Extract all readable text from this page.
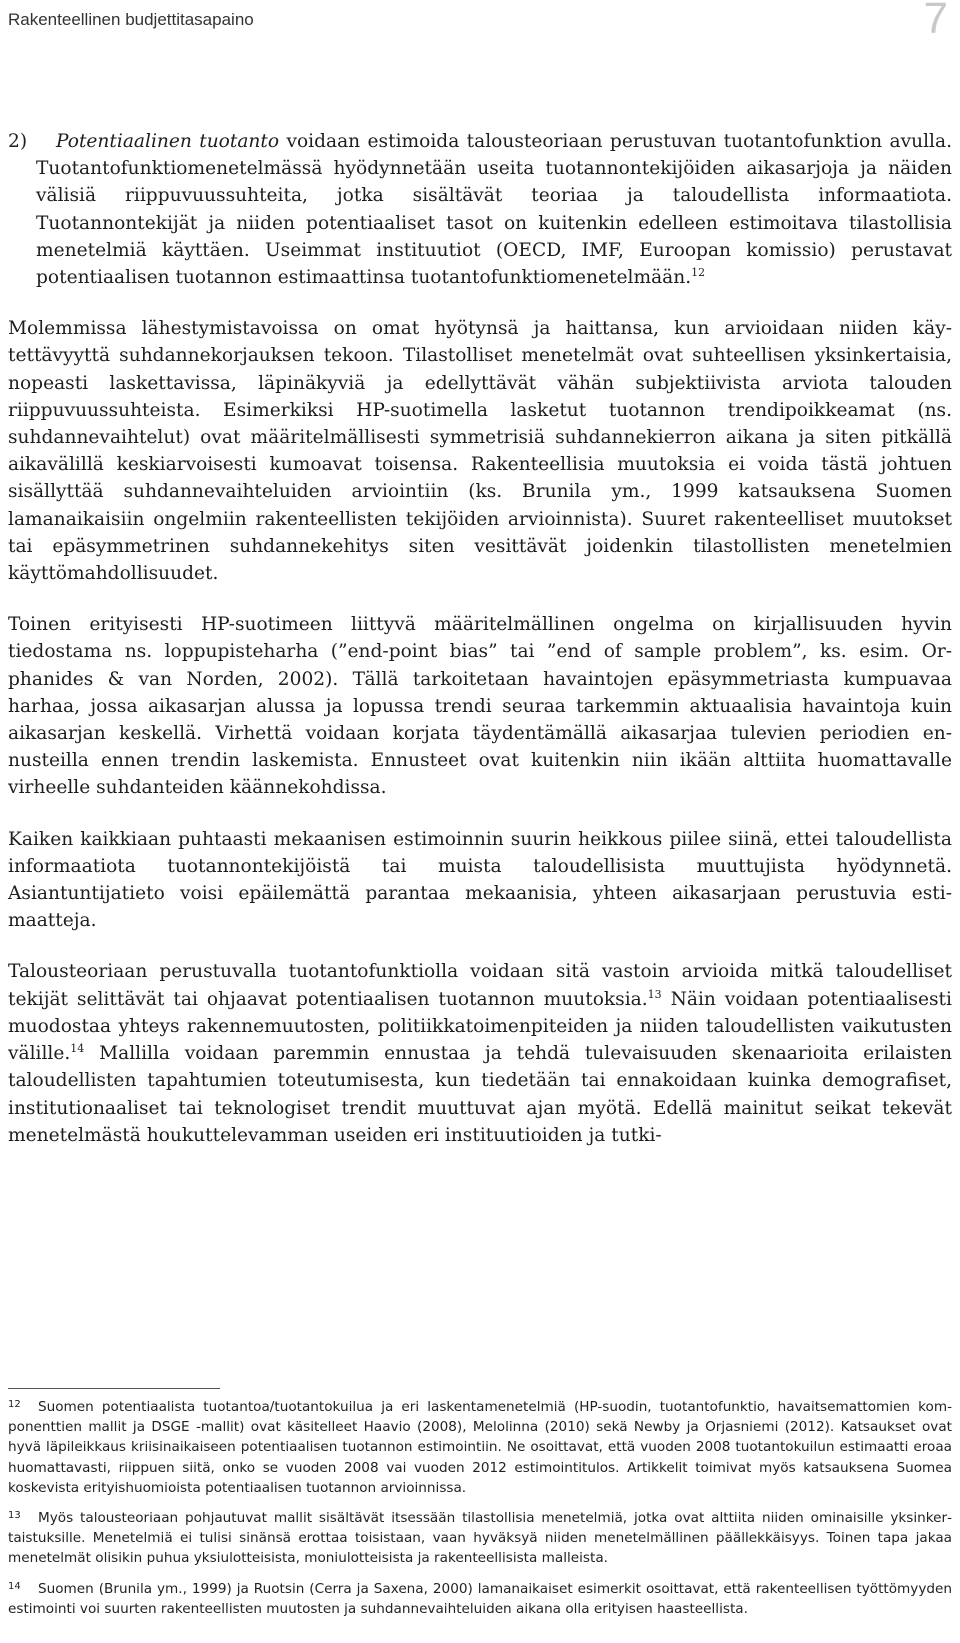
Rakenteellinen budjettitasapaino	7

2) Potentiaalinen tuotanto voidaan estimoida talousteoriaan perustuvan tuotantofunktion avulla. Tuotantofunktiomenetelmässä hyödynnetään useita tuotannontekijöiden aikasarjoja ja näiden välisiä riippuvuussuhteita, jotka sisältävät teoriaa ja taloudellista informaatiota. Tuotannontekijät ja niiden potentiaaliset tasot on kuitenkin edelleen estimoitava tilastollisia menetelmiä käyttäen. Useimmat instituutiot (OECD, IMF, Euroopan komissio) perustavat potentiaalisen tuotannon estimaattinsa tuotantofunktiomenetelmään.$^{12}$

Molemmissa lähestymistavoissa on omat hyötynsä ja haittansa, kun arvioidaan niiden käytettävyyttä suhdannekorjauksen tekoon. Tilastolliset menetelmät ovat suhteellisen yksinkertaisia, nopeasti laskettavissa, läpinäkyviä ja edellyttävät vähän subjektiivista arviota talouden riippuvuussuhteista. Esimerkiksi HP-suotimella lasketut tuotannon trendipoikkeamat (ns. suhdannevaihtelut) ovat määritelmällisesti symmetrisiä suhdannekierron aikana ja siten pitkällä aikavälillä keskiarvoisesti kumoavat toisensa. Rakenteellisia muutoksia ei voida tästä johtuen sisällyttää suhdannevaihteluiden arviointiin (ks. Brunila ym., 1999 katsauksena Suomen lamanaikaisiin ongelmiin rakenteellisten tekijöiden arvioinnista). Suuret rakenteelliset muutokset tai epäsymmetrinen suhdannekehitys siten vesittävät joidenkin tilastollisten menetelmien käyttömahdollisuudet.

Toinen erityisesti HP-suotimeen liittyvä määritelmällinen ongelma on kirjallisuuden hyvin tiedostama ns. loppupisteharha (”end-point bias” tai ”end of sample problem”, ks. esim. Orphanides & van Norden, 2002). Tällä tarkoitetaan havaintojen epäsymmetriasta kumpuavaa harhaa, jossa aikasarjan alussa ja lopussa trendi seuraa tarkemmin aktuaalisia havaintoja kuin aikasarjan keskellä. Virhettä voidaan korjata täydentämällä aikasarjaa tulevien periodien ennusteilla ennen trendin laskemista. Ennusteet ovat kuitenkin niin ikään alttiita huomattavalle virheelle suhdanteiden käännekohdissa.

Kaiken kaikkiaan puhtaasti mekaanisen estimoinnin suurin heikkous piilee siinä, ettei taloudellista informaatiota tuotannontekijöistä tai muista taloudellisista muuttujista hyödynnetä. Asiantuntijatieto voisi epäilemättä parantaa mekaanisia, yhteen aikasarjaan perustuvia estimaatteja.

Talousteoriaan perustuvalla tuotantofunktiolla voidaan sitä vastoin arvioida mitkä taloudelliset tekijät selittävät tai ohjaavat potentiaalisen tuotannon muutoksia.$^{13}$ Näin voidaan potentiaalisesti muodostaa yhteys rakennemuutosten, politiikkatoimenpiteiden ja niiden taloudellisten vaikutusten välille.$^{14}$ Mallilla voidaan paremmin ennustaa ja tehdä tulevaisuuden skenaarioita erilaisten taloudellisten tapahtumien toteutumisesta, kun tiedetään tai ennakoidaan kuinka demografiset, institutionaaliset tai teknologiset trendit muuttuvat ajan myötä. Edellä mainitut seikat tekevät menetelmästä houkuttelevamman useiden eri instituutioiden ja tutki-

12 Suomen potentiaalista tuotantoa/tuotantokuilua ja eri laskentamenetelmiä (HP-suodin, tuotantofunktio, havaitsemattomien komponenttien mallit ja DSGE -mallit) ovat käsitelleet Haavio (2008), Melolinna (2010) sekä Newby ja Orjasniemi (2012). Katsaukset ovat hyvä läpileikkaus kriisinaikaiseen potentiaalisen tuotannon estimointiin. Ne osoittavat, että vuoden 2008 tuotantokuilun estimaatti eroaa huomattavasti, riippuen siitä, onko se vuoden 2008 vai vuoden 2012 estimointitulos. Artikkelit toimivat myös katsauksena Suomea koskevista erityishuomioista potentiaalisen tuotannon arvioinnissa.

13 Myös talousteoriaan pohjautuvat mallit sisältävät itsessään tilastollisia menetelmiä, jotka ovat alttiita niiden ominaisille yksinkertaistuksille. Menetelmiä ei tulisi sinänsä erottaa toisistaan, vaan hyväksyä niiden menetelmällinen päällekkäisyys. Toinen tapa jakaa menetelmät olisikin puhua yksiulotteisista, moniulotteisista ja rakenteellisista malleista.

14 Suomen (Brunila ym., 1999) ja Ruotsin (Cerra ja Saxena, 2000) lamanaikaiset esimerkit osoittavat, että rakenteellisen työttömyyden estimointi voi suurten rakenteellisten muutosten ja suhdannevaihteluiden aikana olla erityisen haasteellista.
